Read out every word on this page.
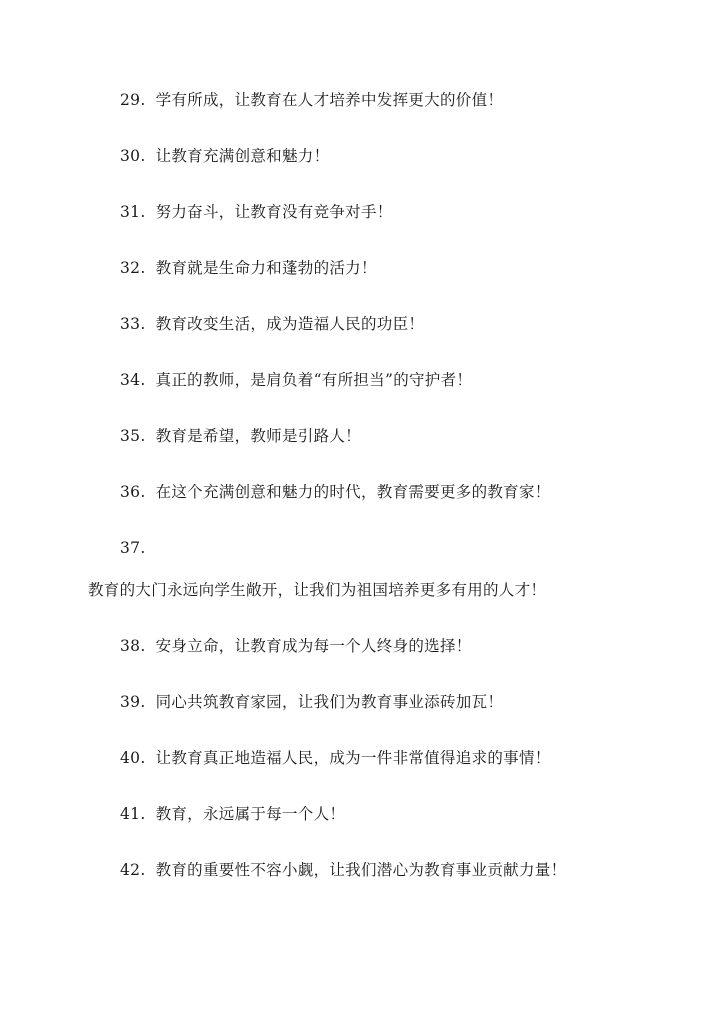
29. 学有所成，让教育在人才培养中发挥更大的价值！
30. 让教育充满创意和魅力！
31. 努力奋斗，让教育没有竞争对手！
32. 教育就是生命力和蓬勃的活力！
33. 教育改变生活，成为造福人民的功臣！
34. 真正的教师，是肩负着“有所担当”的守护者！
35. 教育是希望，教师是引路人！
36. 在这个充满创意和魅力的时代，教育需要更多的教育家！
37.
教育的大门永远向学生敞开，让我们为祖国培养更多有用的人才！
38. 安身立命，让教育成为每一个人终身的选择！
39. 同心共筑教育家园，让我们为教育事业添砖加瓦！
40. 让教育真正地造福人民，成为一件非常值得追求的事情！
41. 教育，永远属于每一个人！
42. 教育的重要性不容小觑，让我们潜心为教育事业贡献力量！
